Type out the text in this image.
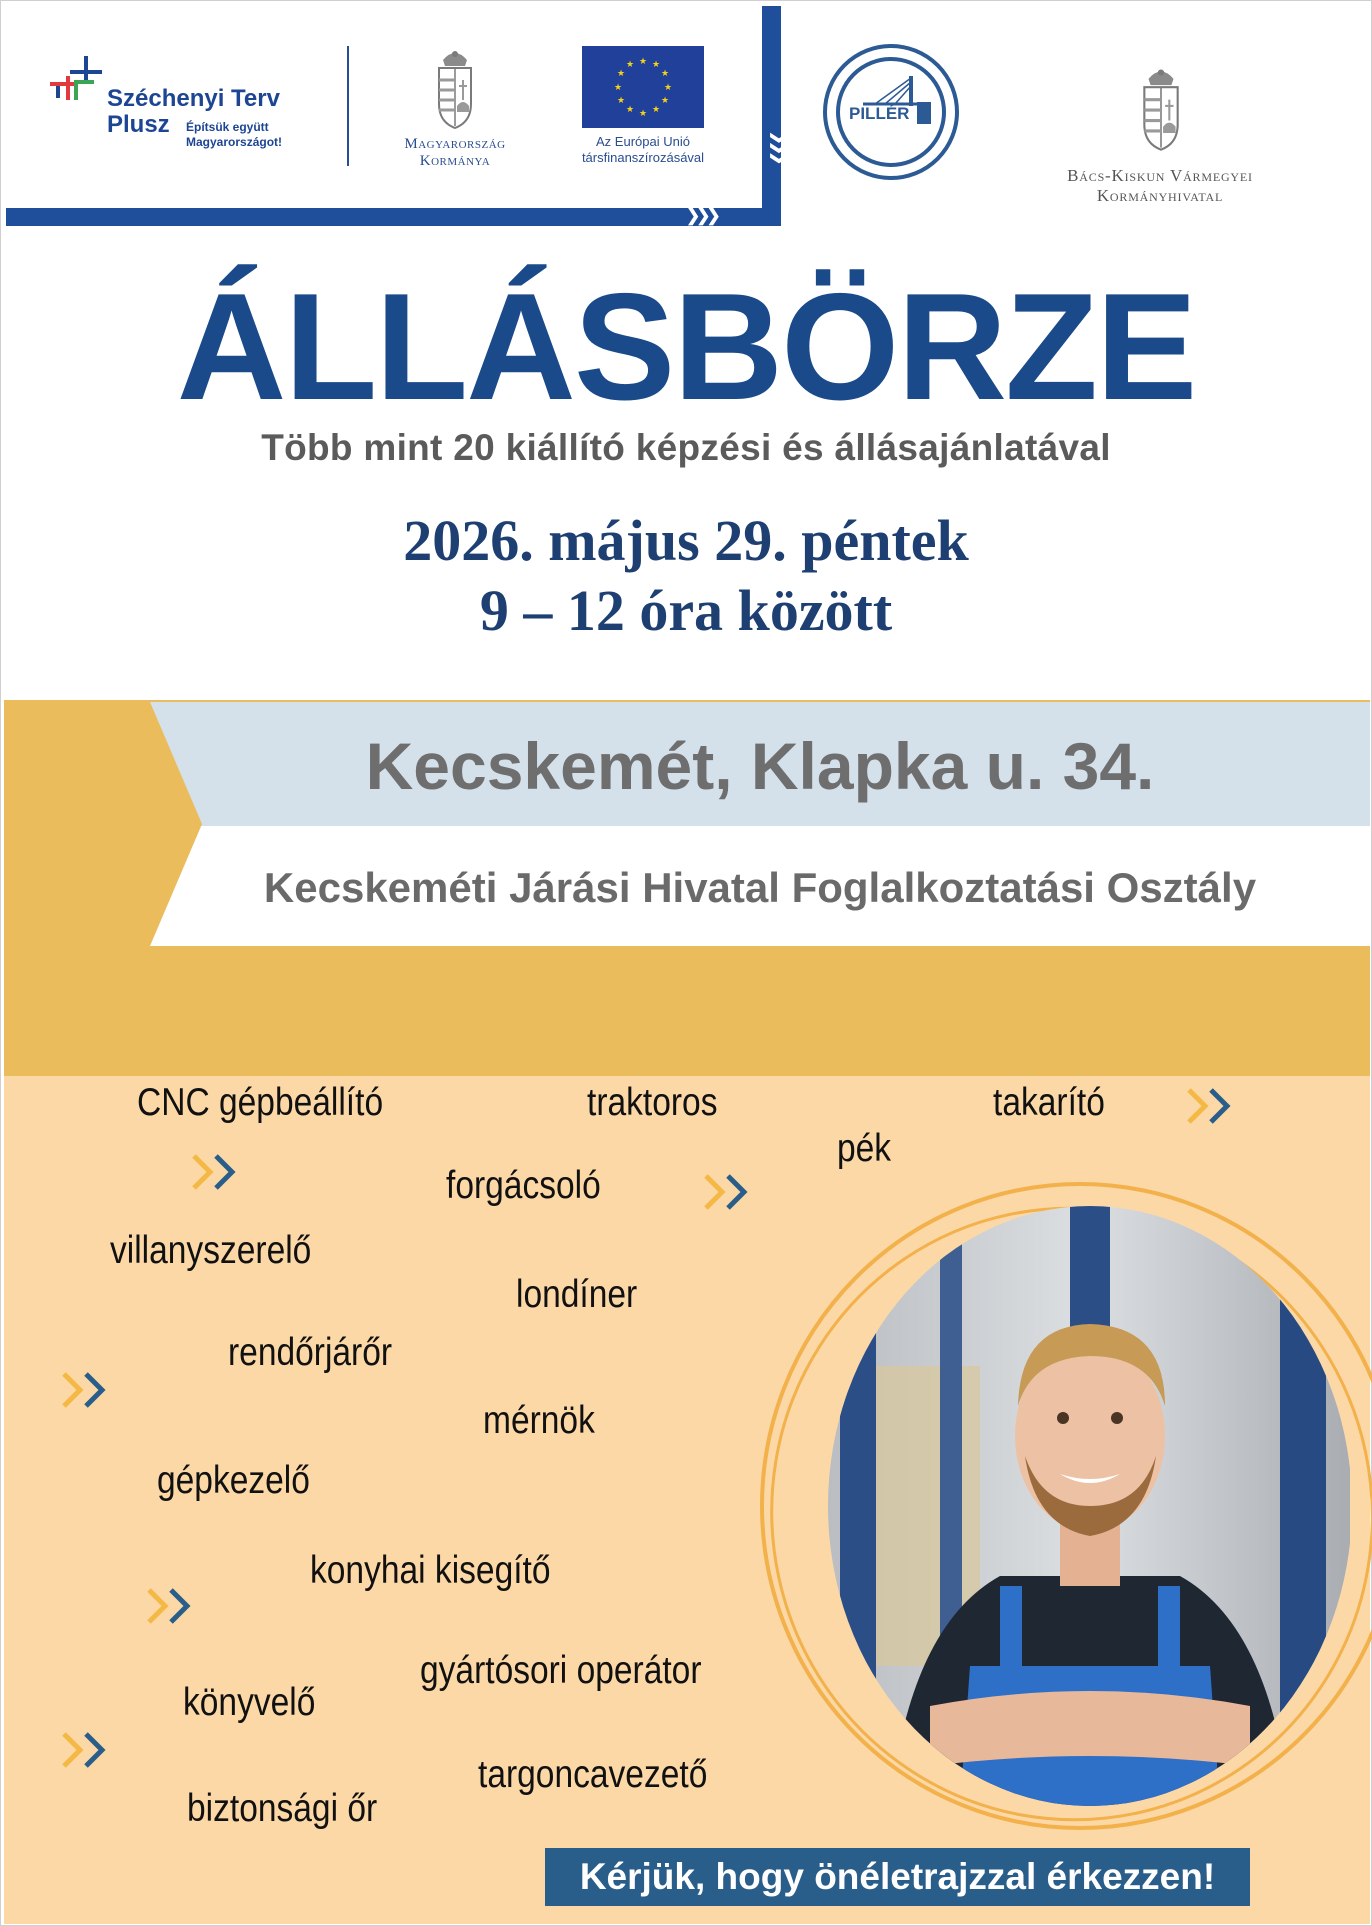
❯❯❯
❯❯❯
Széchenyi Terv
Plusz	Építsük együtt
Magyarországot!	Magyarország
Kormánya
★ ★
★
★
★
★
★
★
★
★
★
★
Az Európai Unió
társfinanszírozásával
PILLÉR
Bács-Kiskun Vármegyei
Kormányhivatal
ÁLLÁSBÖRZE
Több mint 20 kiállító képzési és állásajánlatával
2026. május 29. péntek
9 – 12 óra között
Kecskemét, Klapka u. 34.
Kecskeméti Járási Hivatal Foglalkoztatási Osztály
CNC gépbeállító	traktoros	takarító
pék
forgácsoló
villanyszerelő
londíner
rendőrjárőr
mérnök
gépkezelő
konyhai kisegítő
gyártósori operátor
könyvelő
targoncavezető
biztonsági őr
Kérjük, hogy önéletrajzzal érkezzen!
